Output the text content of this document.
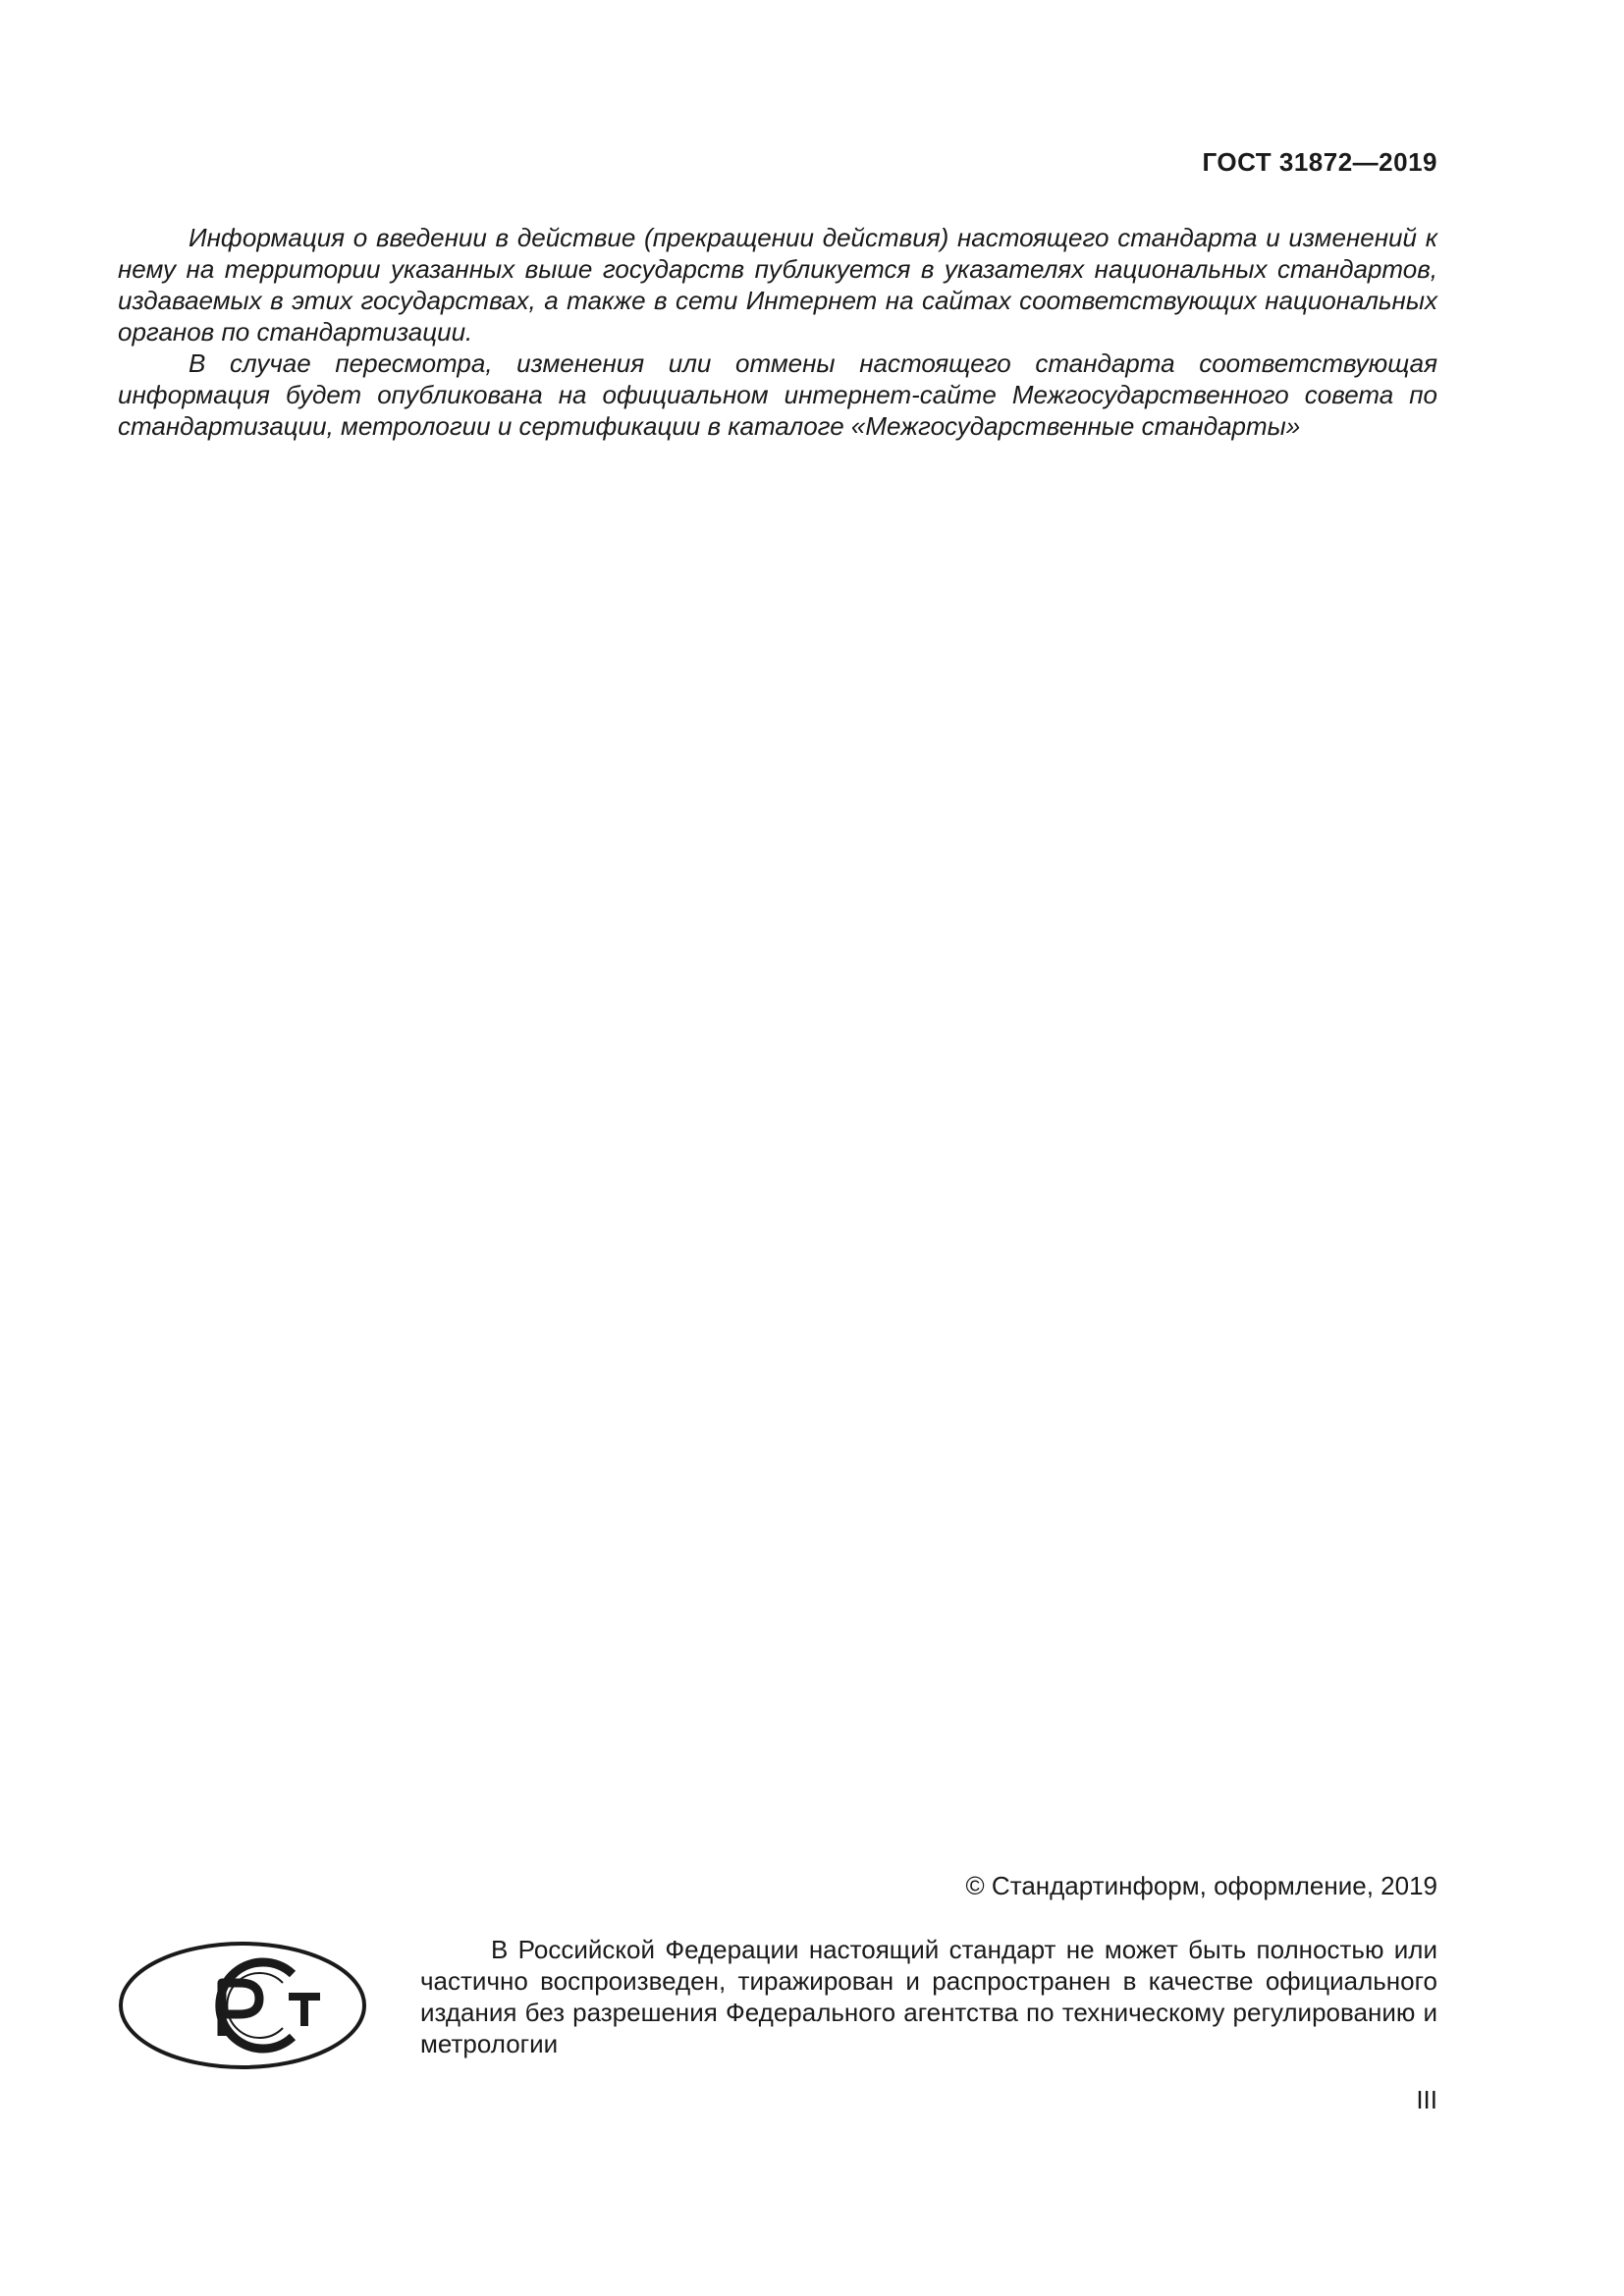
ГОСТ 31872—2019

Информация о введении в действие (прекращении действия) настоящего стандарта и изменений к нему на территории указанных выше государств публикуется в указателях национальных стандартов, издаваемых в этих государствах, а также в сети Интернет на сайтах соответствующих национальных органов по стандартизации.

В случае пересмотра, изменения или отмены настоящего стандарта соответствующая информация будет опубликована на официальном интернет-сайте Межгосударственного совета по стандартизации, метрологии и сертификации в каталоге «Межгосударственные стандарты»

© Стандартинформ, оформление, 2019

В Российской Федерации настоящий стандарт не может быть полностью или частично воспроизведен, тиражирован и распространен в качестве официального издания без разрешения Федерального агентства по техническому регулированию и метрологии

III
